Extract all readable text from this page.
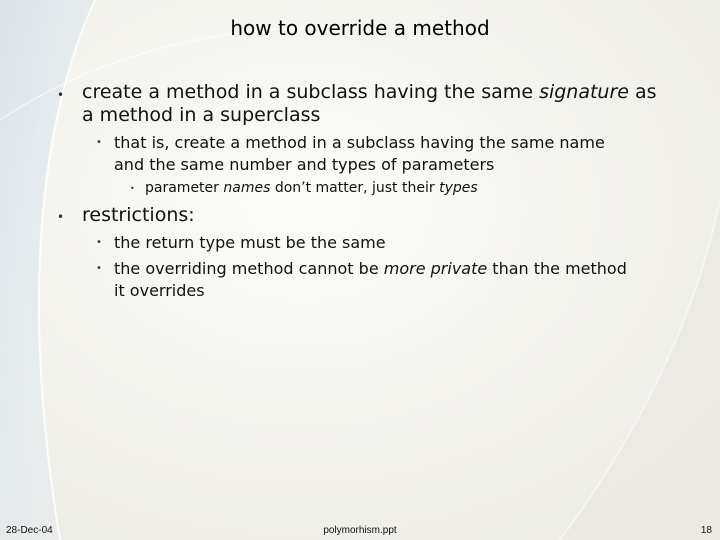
how to override a method
• create a method in a subclass having the same signature as
a method in a superclass
• that is, create a method in a subclass having the same name
and the same number and types of parameters
• parameter names don’t matter, just their types
• restrictions:
• the return type must be the same
• the overriding method cannot be more private than the method
it overrides
28-Dec-04	polymorhism.ppt	18
